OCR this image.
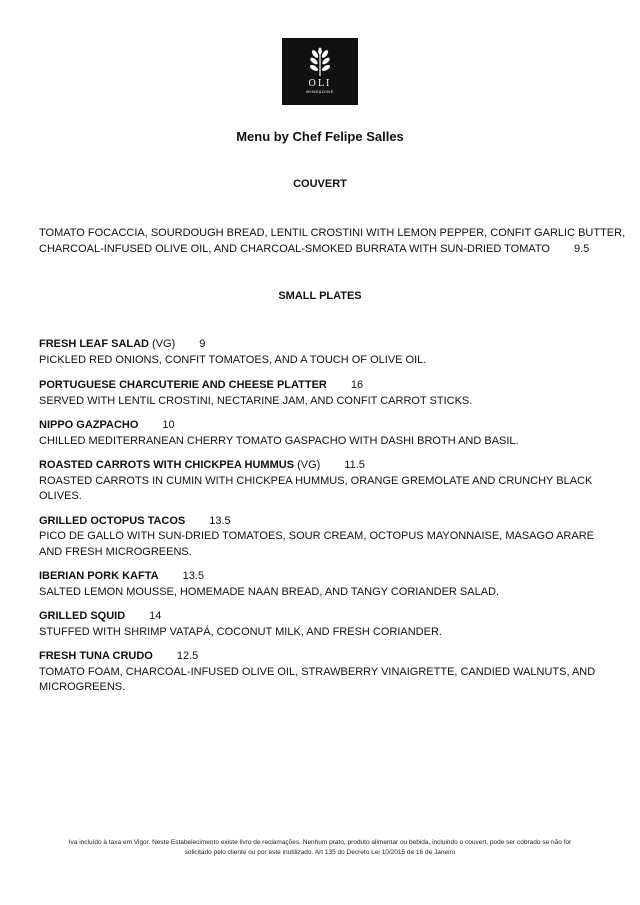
OLI
WINE&DINE
Menu by Chef Felipe Salles
COUVERT
TOMATO FOCACCIA, SOURDOUGH BREAD, LENTIL CROSTINI WITH LEMON PEPPER, CONFIT GARLIC BUTTER,
CHARCOAL-INFUSED OLIVE OIL, AND CHARCOAL-SMOKED BURRATA WITH SUN-DRIED TOMATO 9.5
SMALL PLATES

FRESH LEAF SALAD (VG) 9

PICKLED RED ONIONS, CONFIT TOMATOES, AND A TOUCH OF OLIVE OIL.

PORTUGUESE CHARCUTERIE AND CHEESE PLATTER 16

SERVED WITH LENTIL CROSTINI, NECTARINE JAM, AND CONFIT CARROT STICKS.

NIPPO GAZPACHO 10

CHILLED MEDITERRANEAN CHERRY TOMATO GASPACHO WITH DASHI BROTH AND BASIL.

ROASTED CARROTS WITH CHICKPEA HUMMUS (VG) 11.5

ROASTED CARROTS IN CUMIN WITH CHICKPEA HUMMUS, ORANGE GREMOLATE AND CRUNCHY BLACK OLIVES.

GRILLED OCTOPUS TACOS 13.5

PICO DE GALLO WITH SUN-DRIED TOMATOES, SOUR CREAM, OCTOPUS MAYONNAISE, MASAGO ARARE AND FRESH MICROGREENS.

IBERIAN PORK KAFTA 13.5

SALTED LEMON MOUSSE, HOMEMADE NAAN BREAD, AND TANGY CORIANDER SALAD.

GRILLED SQUID 14

STUFFED WITH SHRIMP VATAPÁ, COCONUT MILK, AND FRESH CORIANDER.

FRESH TUNA CRUDO 12.5

TOMATO FOAM, CHARCOAL-INFUSED OLIVE OIL, STRAWBERRY VINAIGRETTE, CANDIED WALNUTS, AND MICROGREENS.

Iva incluído à taxa em Vigor. Neste Estabelecimento existe livro de reclamações. Nenhum prato, produto alimentar ou bebida, incluindo o couvert, pode ser cobrado se não for
solicitado pelo cliente ou por este inutilizado. Art 135 do Decreto Lei 10/2015 de 16 de Janeiro
